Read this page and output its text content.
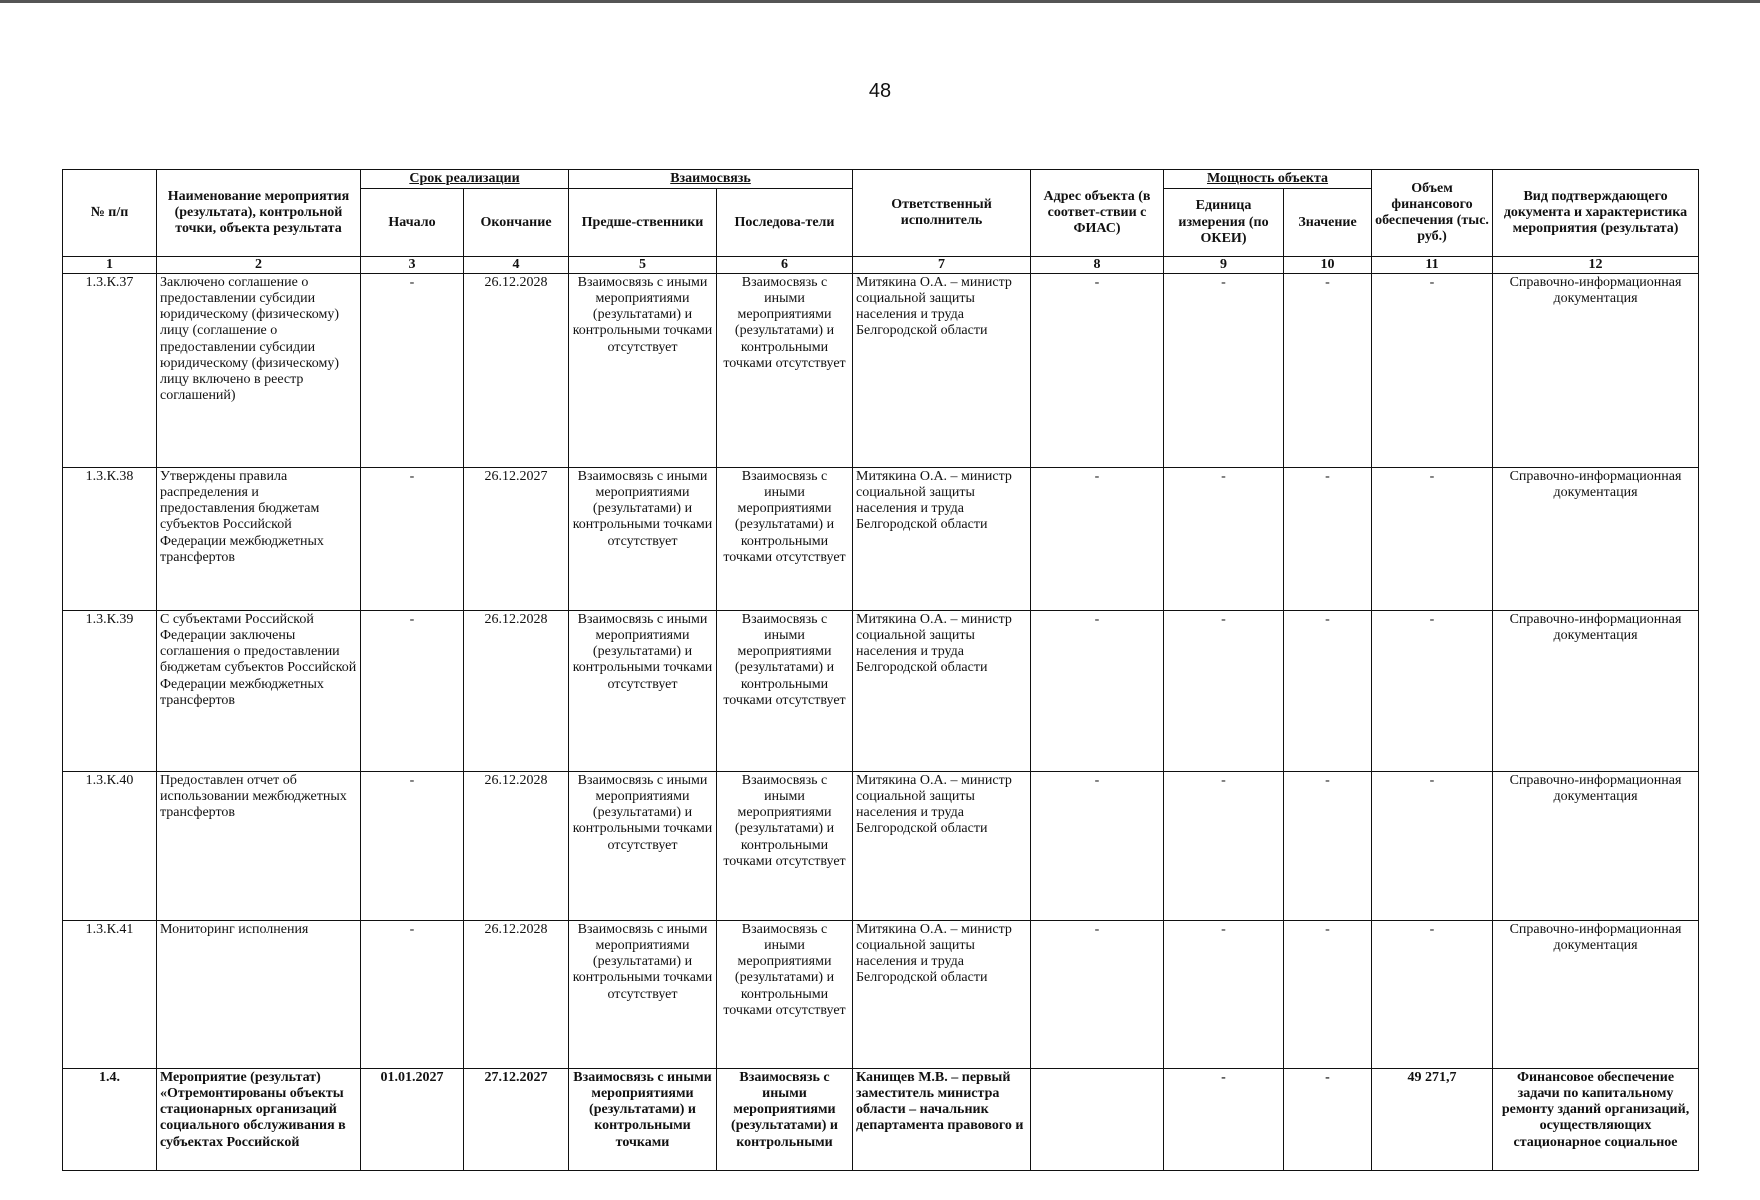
48
№ п/п	Наименование мероприятия (результата), контрольной точки, объекта результата	Срок реализации		Взаимосвязь		Ответственный исполнитель	Адрес объекта (в соответ-ствии с ФИАС)	Мощность объекта		Объем финансового обеспечения (тыс. руб.)	Вид подтверждающего документа и характеристика мероприятия (результата)
		Начало	Окончание	Предше-ственники	Последова-тели			Единица измерения (по ОКЕИ)	Значение		
1	2	3	4	5	6	7	8	9	10	11	12
1.3.К.37	Заключено соглашение о предоставлении субсидии юридическому (физическому) лицу (соглашение о предоставлении субсидии юридическому (физическому) лицу включено в реестр соглашений)	-	26.12.2028	Взаимосвязь с иными мероприятиями (результатами) и контрольными точками отсутствует	Взаимосвязь с иными мероприятиями (результатами) и контрольными точками отсутствует	Митякина О.А. – министр социальной защиты населения и труда Белгородской области	-	-	-	-	Справочно-информационная документация
1.3.К.38	Утверждены правила распределения и предоставления бюджетам субъектов Российской Федерации межбюджетных трансфертов	-	26.12.2027	Взаимосвязь с иными мероприятиями (результатами) и контрольными точками отсутствует	Взаимосвязь с иными мероприятиями (результатами) и контрольными точками отсутствует	Митякина О.А. – министр социальной защиты населения и труда Белгородской области	-	-	-	-	Справочно-информационная документация
1.3.К.39	С субъектами Российской Федерации заключены соглашения о предоставлении бюджетам субъектов Российской Федерации межбюджетных трансфертов	-	26.12.2028	Взаимосвязь с иными мероприятиями (результатами) и контрольными точками отсутствует	Взаимосвязь с иными мероприятиями (результатами) и контрольными точками отсутствует	Митякина О.А. – министр социальной защиты населения и труда Белгородской области	-	-	-	-	Справочно-информационная документация
1.3.К.40	Предоставлен отчет об использовании межбюджетных трансфертов	-	26.12.2028	Взаимосвязь с иными мероприятиями (результатами) и контрольными точками отсутствует	Взаимосвязь с иными мероприятиями (результатами) и контрольными точками отсутствует	Митякина О.А. – министр социальной защиты населения и труда Белгородской области	-	-	-	-	Справочно-информационная документация
1.3.К.41	Мониторинг исполнения	-	26.12.2028	Взаимосвязь с иными мероприятиями (результатами) и контрольными точками отсутствует	Взаимосвязь с иными мероприятиями (результатами) и контрольными точками отсутствует	Митякина О.А. – министр социальной защиты населения и труда Белгородской области	-	-	-	-	Справочно-информационная документация
1.4.	Мероприятие (результат) «Отремонтированы объекты стационарных организаций социального обслуживания в субъектах Российской	01.01.2027	27.12.2027	Взаимосвязь с иными мероприятиями (результатами) и контрольными точками	Взаимосвязь с иными мероприятиями (результатами) и контрольными	Канищев М.В. – первый заместитель министра области – начальник департамента правового и		-	-	49 271,7	Финансовое обеспечение задачи по капитальному ремонту зданий организаций, осуществляющих стационарное социальное
